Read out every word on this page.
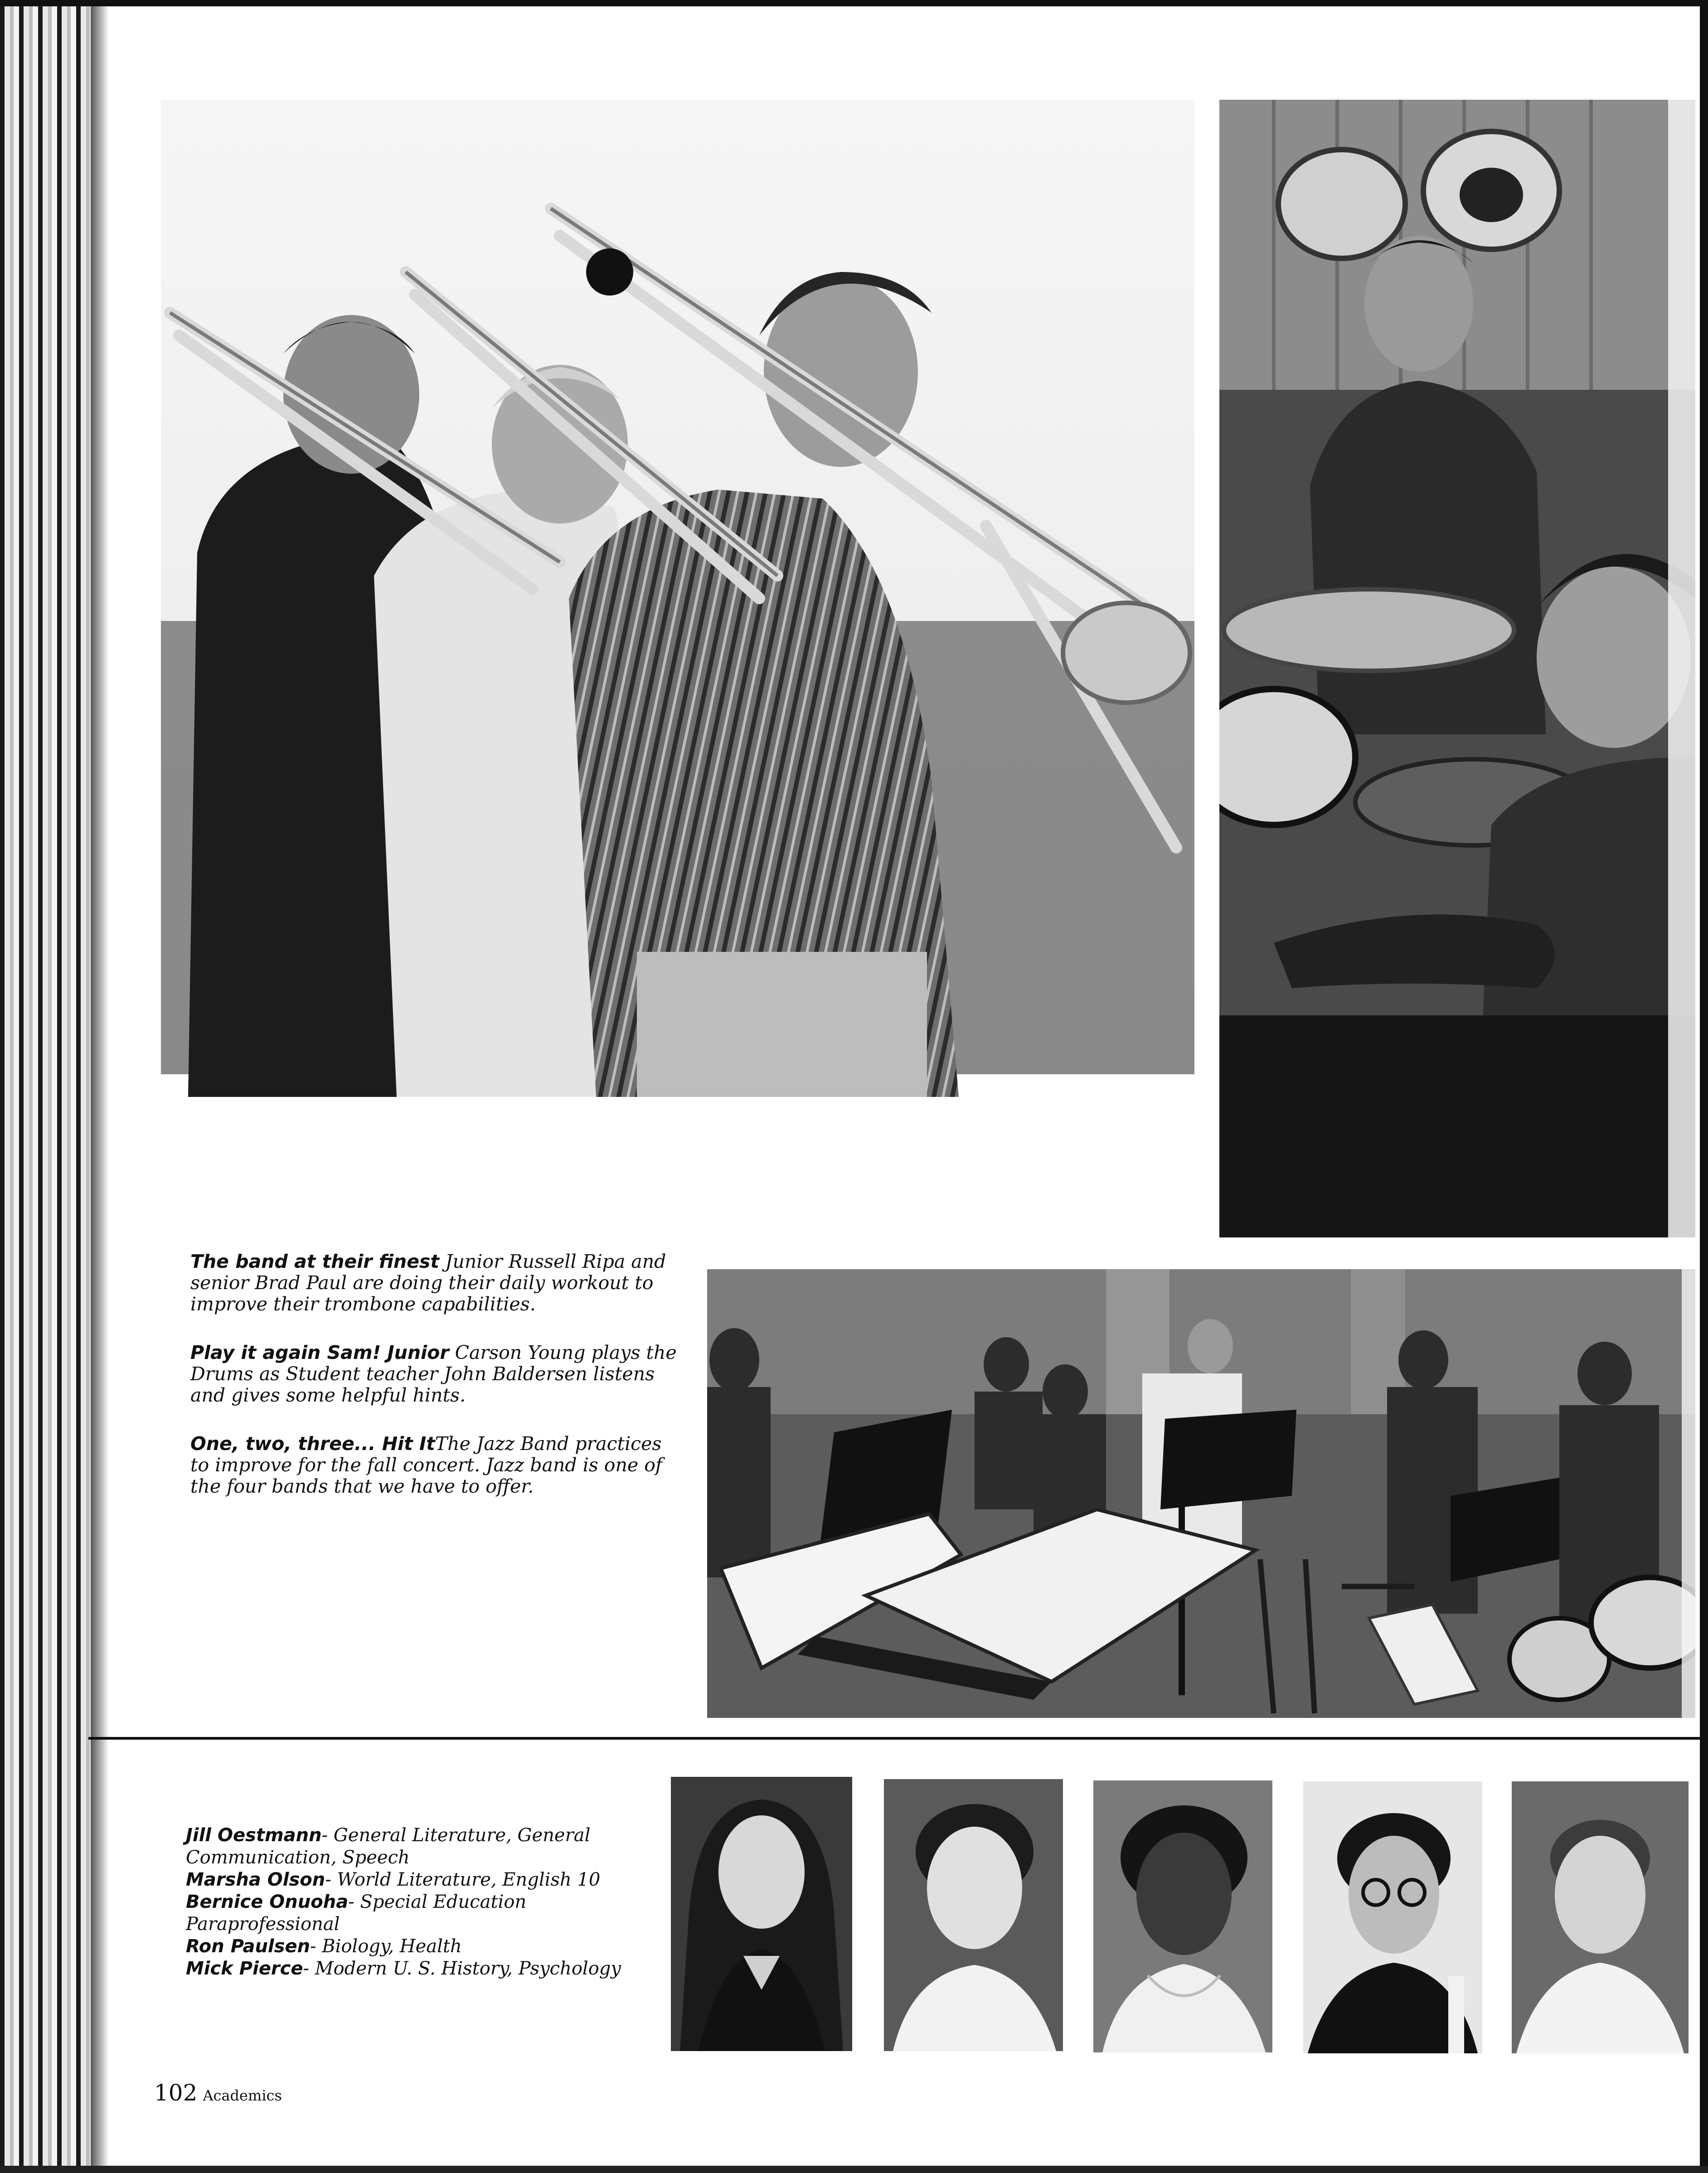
The band at their finest Junior Russell Ripa and senior Brad Paul are doing their daily workout to improve their trombone capabilities.

Play it again Sam! Junior Carson Young plays the Drums as Student teacher John Baldersen listens and gives some helpful hints.

One, two, three... Hit ItThe Jazz Band practices to improve for the fall concert. Jazz band is one of the four bands that we have to offer.

Jill Oestmann- General Literature, General Communication, Speech
Marsha Olson- World Literature, English 10
Bernice Onuoha- Special Education Paraprofessional
Ron Paulsen- Biology, Health
Mick Pierce- Modern U. S. History, Psychology
102 Academics
